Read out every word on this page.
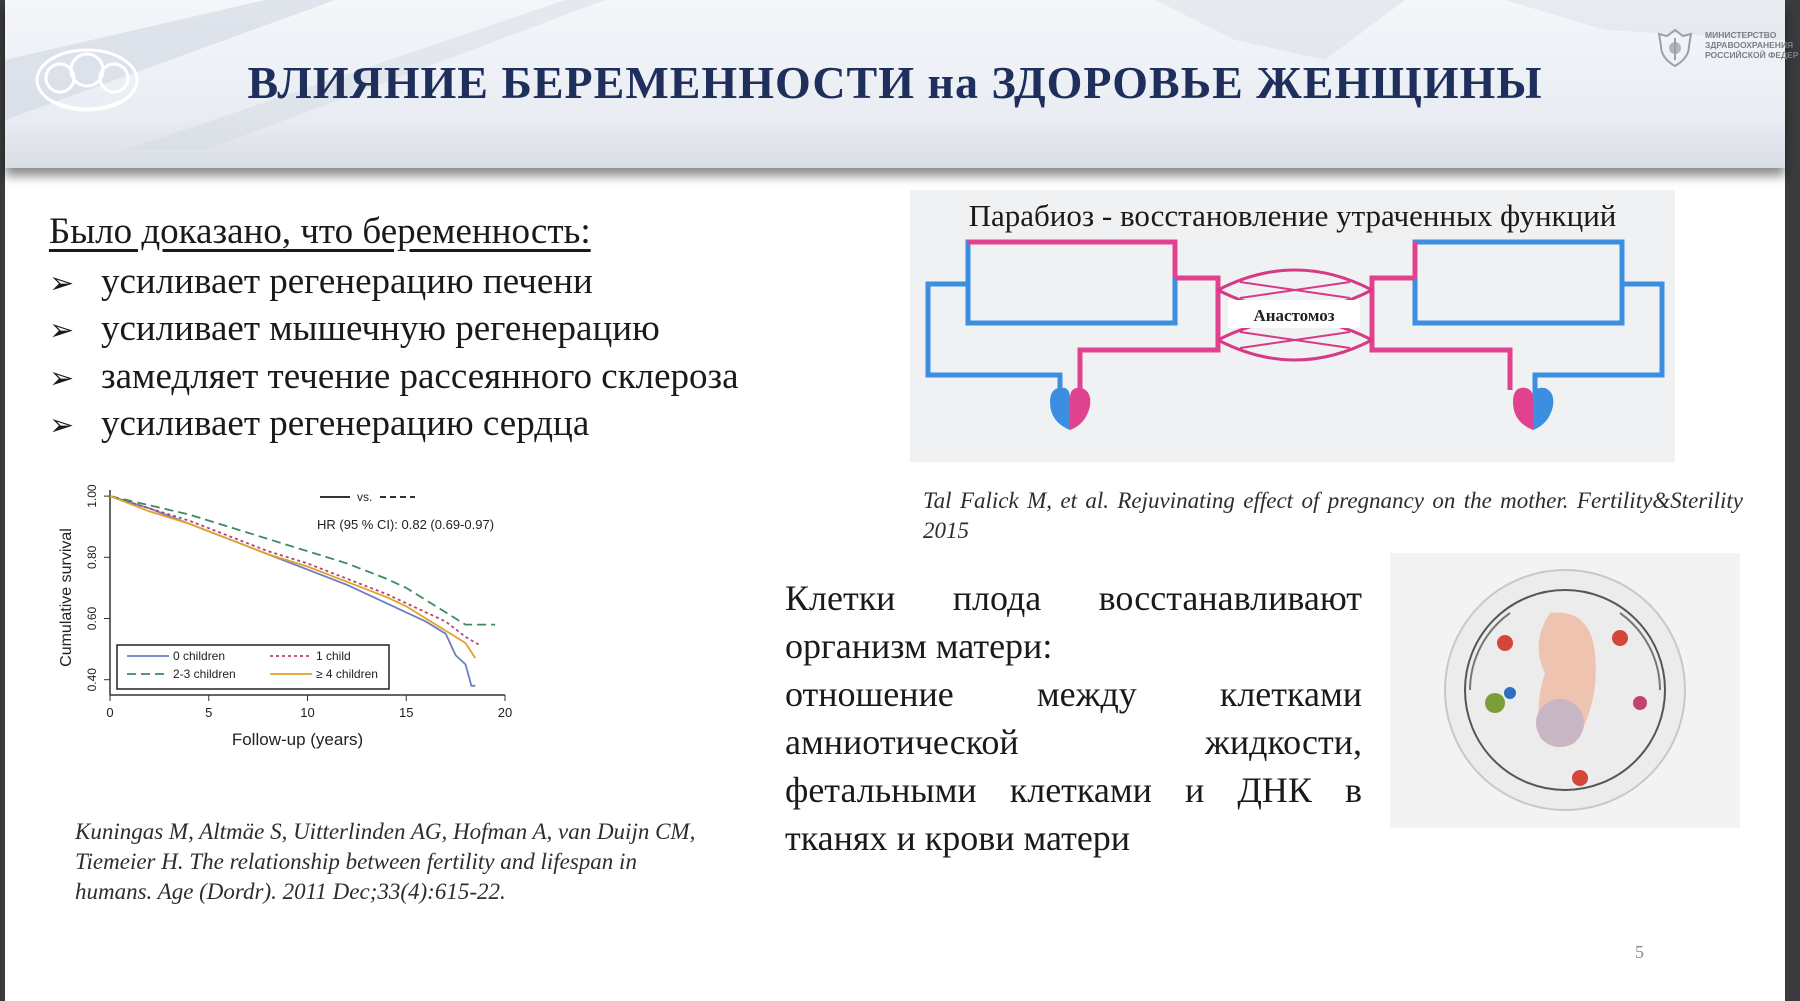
ВЛИЯНИЕ БЕРЕМЕННОСТИ на ЗДОРОВЬЕ ЖЕНЩИНЫ
МИНИСТЕРСТВО
ЗДРАВООХРАНЕНИЯ
РОССИЙСКОЙ ФЕДЕР
Было доказано, что беременность:
➢ усиливает регенерацию печени
➢ усиливает мышечную регенерацию
➢ замедляет течение рассеянного склероза
➢ усиливает регенерацию сердца
0	5	10	15	20
0.40
0.60
0.80
1.00
Follow-up (years)
Cumulative survival
vs.
HR (95 % CI): 0.82 (0.69-0.97)
0 children	1 child
2-3 children	≥ 4 children
Kuningas M, Altmäe S, Uitterlinden AG, Hofman A, van Duijn CM, Tiemeier H. The relationship between fertility and lifespan in humans. Age (Dordr). 2011 Dec;33(4):615-22.
Анастомоз
Парабиоз - восстановление утраченных функций
Tal Falick M, et al. Rejuvinating effect of pregnancy on the mother. Fertility&Sterility 2015
Клетки плода восстанавливают
организм матери:
отношение между клетками
амниотической жидкости,
фетальными клетками и ДНК в
тканях и крови матери
5
